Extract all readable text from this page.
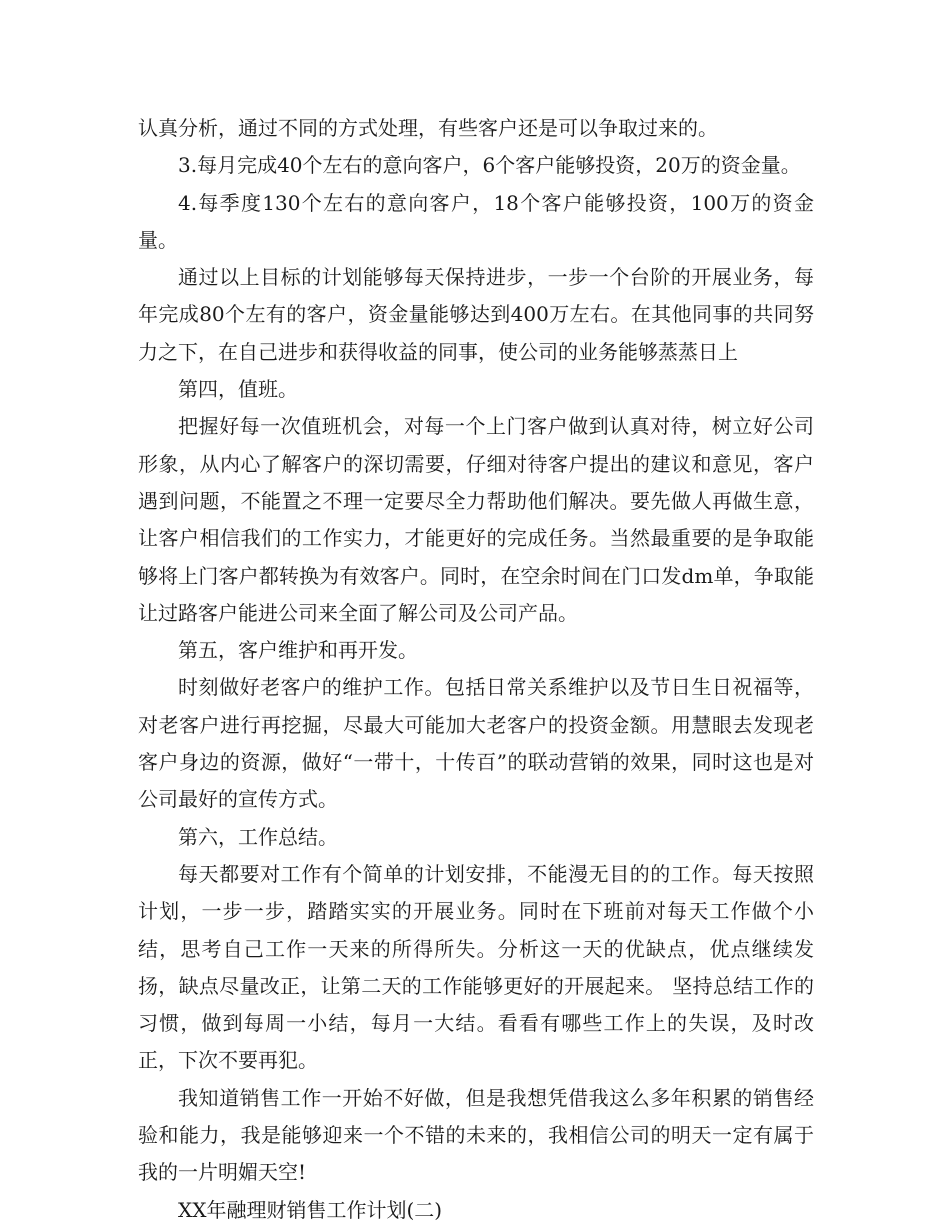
认真分析，通过不同的方式处理，有些客户还是可以争取过来的。

3.每月完成40个左右的意向客户，6个客户能够投资，20万的资金量。

4.每季度130个左右的意向客户，18个客户能够投资，100万的资金量。

通过以上目标的计划能够每天保持进步，一步一个台阶的开展业务，每年完成80个左有的客户，资金量能够达到400万左右。在其他同事的共同努力之下，在自己进步和获得收益的同事，使公司的业务能够蒸蒸日上

第四，值班。

把握好每一次值班机会，对每一个上门客户做到认真对待，树立好公司形象，从内心了解客户的深切需要，仔细对待客户提出的建议和意见，客户遇到问题，不能置之不理一定要尽全力帮助他们解决。要先做人再做生意，让客户相信我们的工作实力，才能更好的完成任务。当然最重要的是争取能够将上门客户都转换为有效客户。同时，在空余时间在门口发dm单，争取能让过路客户能进公司来全面了解公司及公司产品。

第五，客户维护和再开发。

时刻做好老客户的维护工作。包括日常关系维护以及节日生日祝福等，对老客户进行再挖掘，尽最大可能加大老客户的投资金额。用慧眼去发现老客户身边的资源，做好“一带十，十传百”的联动营销的效果，同时这也是对公司最好的宣传方式。

第六，工作总结。

每天都要对工作有个简单的计划安排，不能漫无目的的工作。每天按照计划，一步一步，踏踏实实的开展业务。同时在下班前对每天工作做个小结，思考自己工作一天来的所得所失。分析这一天的优缺点，优点继续发扬，缺点尽量改正，让第二天的工作能够更好的开展起来。 坚持总结工作的习惯，做到每周一小结，每月一大结。看看有哪些工作上的失误，及时改正，下次不要再犯。

我知道销售工作一开始不好做，但是我想凭借我这么多年积累的销售经验和能力，我是能够迎来一个不错的未来的，我相信公司的明天一定有属于我的一片明媚天空!

XX年融理财销售工作计划(二)
